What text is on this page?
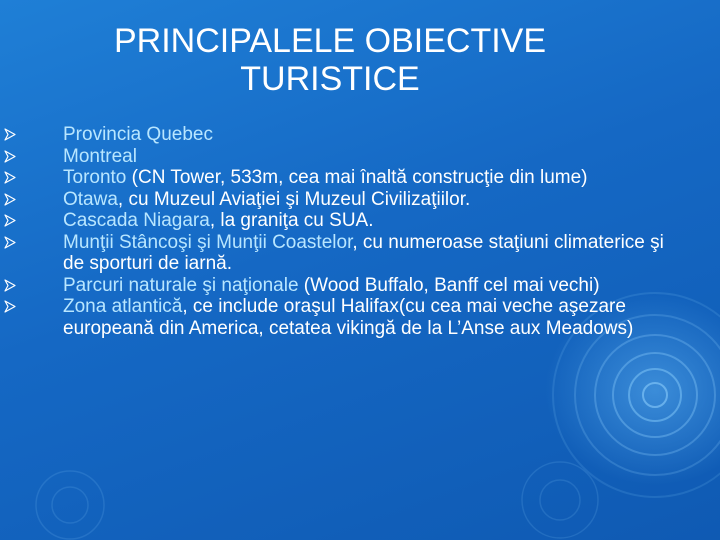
PRINCIPALELE OBIECTIVE
TURISTICE
Provincia Quebec
Montreal
Toronto (CN Tower, 533m, cea mai înaltă construcţie din lume)
Otawa, cu Muzeul Aviaţiei şi Muzeul Civilizaţiilor.
Cascada Niagara, la graniţa cu SUA.
Munţii Stâncoşi şi Munţii Coastelor, cu numeroase staţiuni climaterice şi de sporturi de iarnă.
Parcuri naturale şi naţionale (Wood Buffalo, Banff cel mai vechi)
Zona atlantică, ce include oraşul Halifax(cu cea mai veche aşezare europeană din America, cetatea vikingă de la L’Anse aux Meadows)
